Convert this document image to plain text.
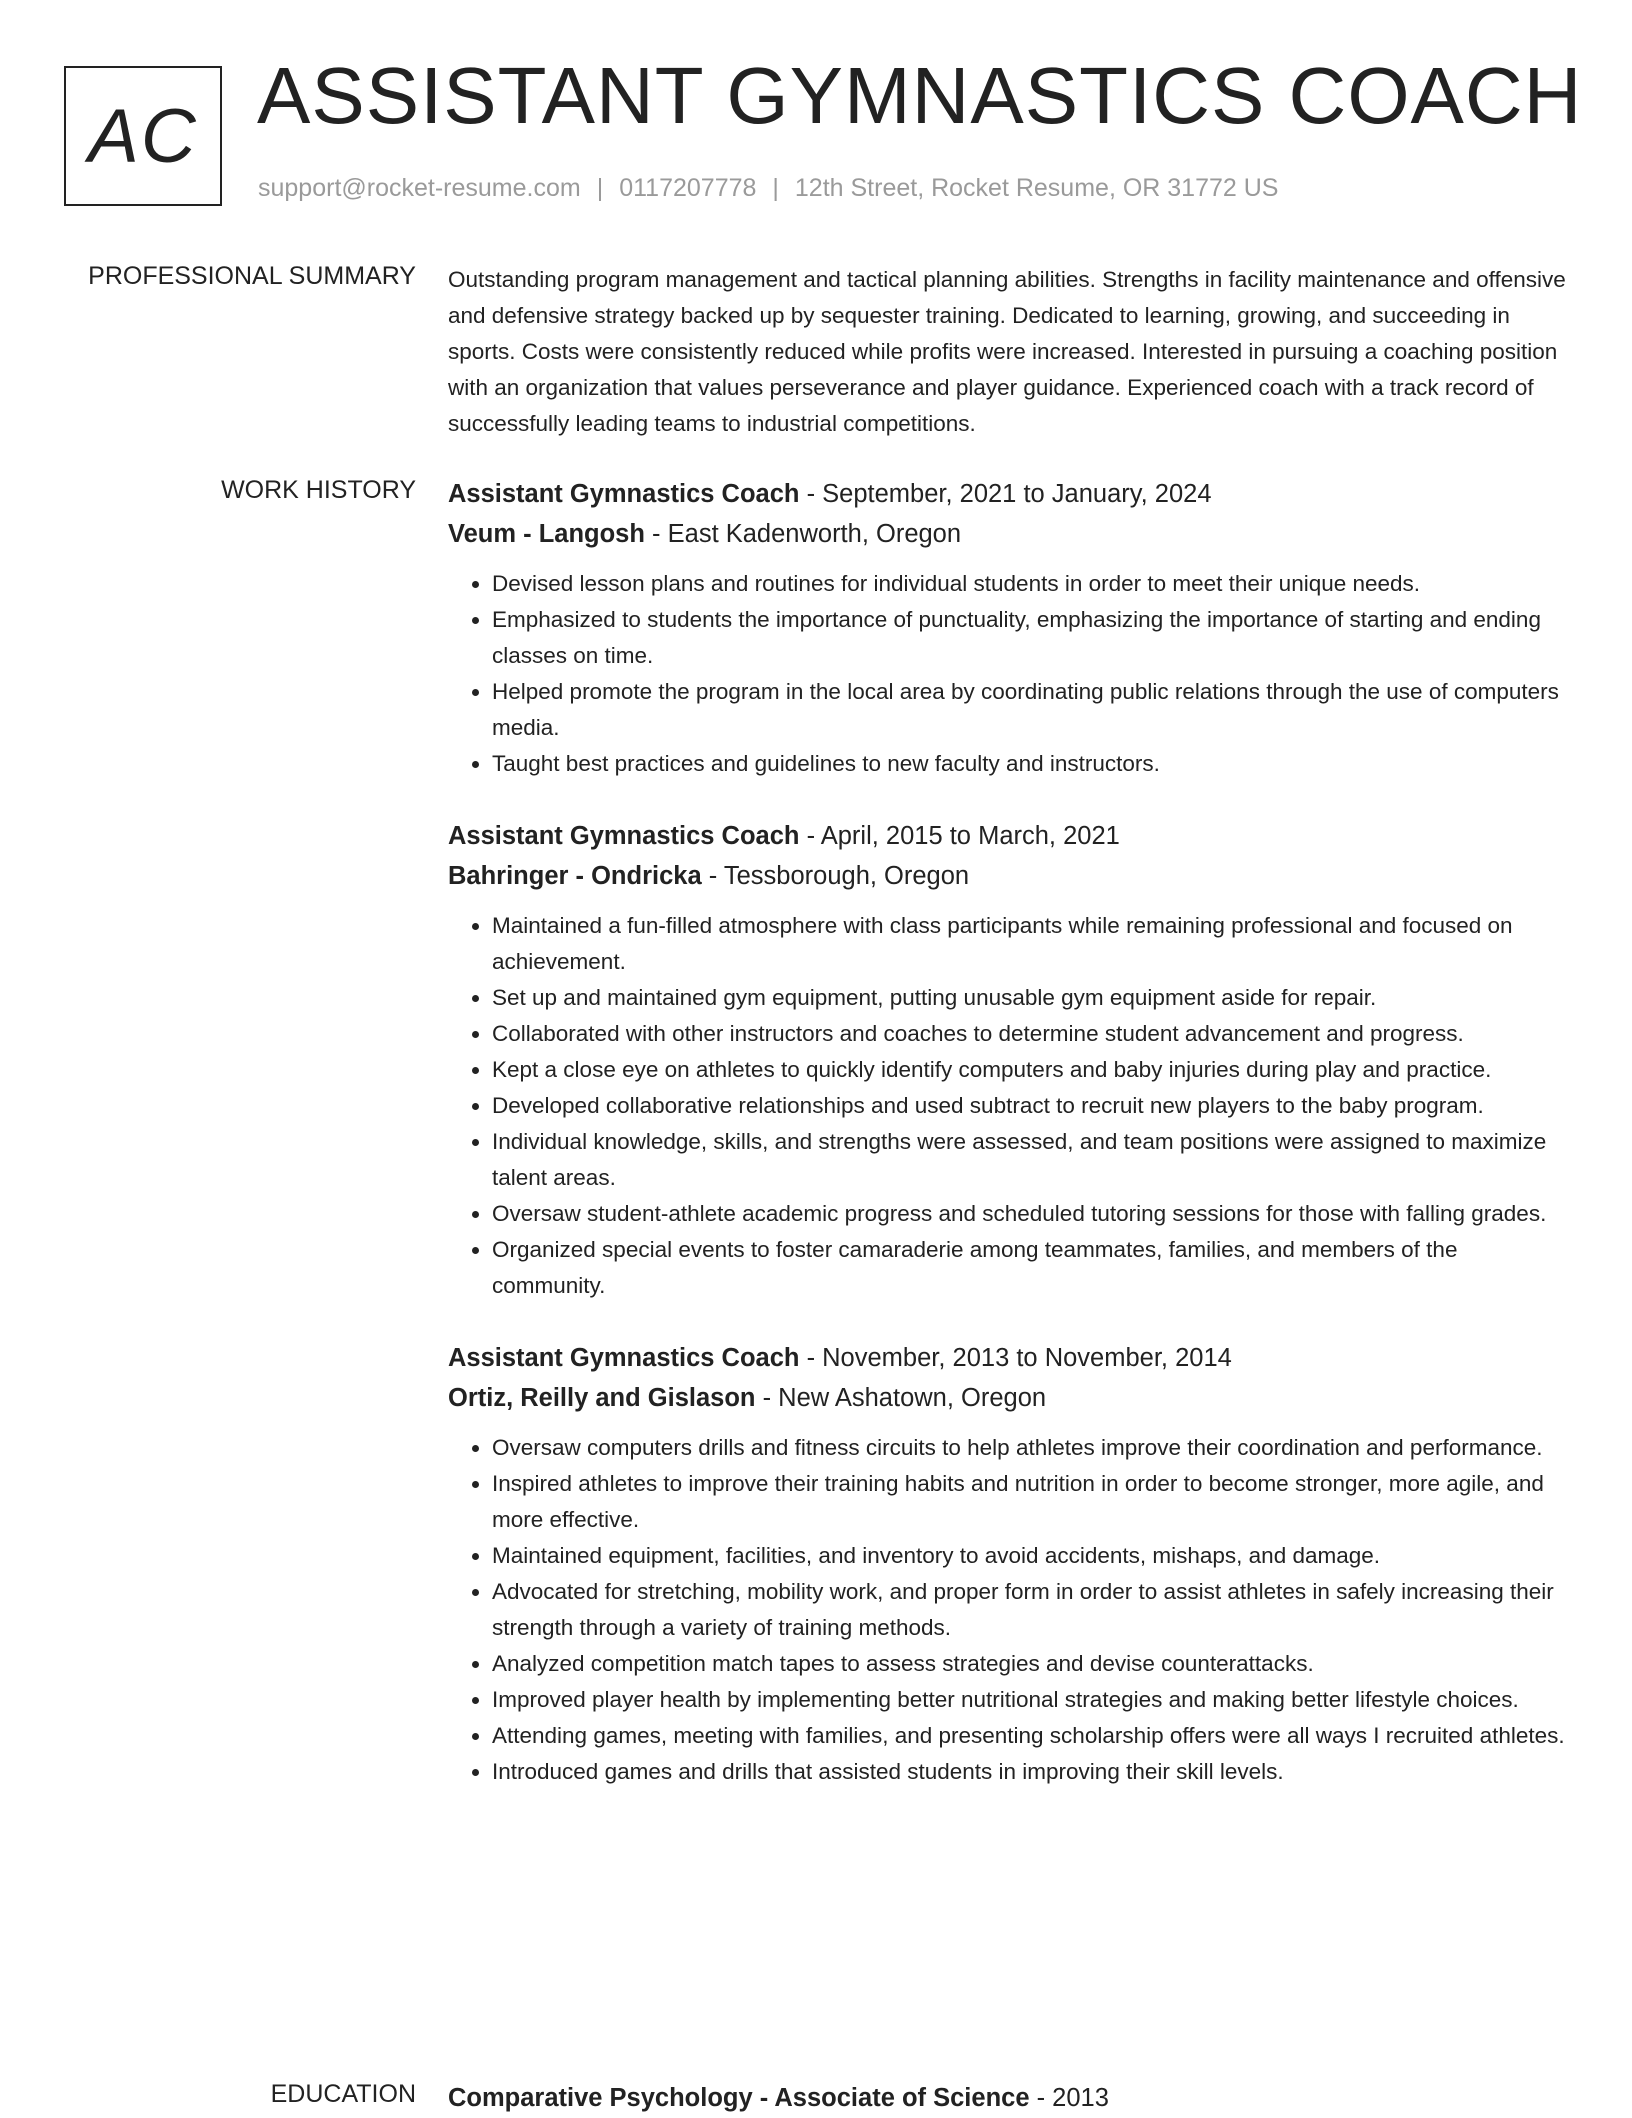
AC ASSISTANT GYMNASTICS COACH
support@rocket-resume.com | 0117207778 | 12th Street, Rocket Resume, OR 31772 US
PROFESSIONAL SUMMARY Outstanding program management and tactical planning abilities. Strengths in facility maintenance and offensive and defensive strategy backed up by sequester training. Dedicated to learning, growing, and succeeding in sports. Costs were consistently reduced while profits were increased. Interested in pursuing a coaching position with an organization that values perseverance and player guidance. Experienced coach with a track record of successfully leading teams to industrial competitions.

WORK HISTORY Assistant Gymnastics Coach - September, 2021 to January, 2024
Veum - Langosh - East Kadenworth, Oregon
• Devised lesson plans and routines for individual students in order to meet their unique needs.
• Emphasized to students the importance of punctuality, emphasizing the importance of starting and ending classes on time.
• Helped promote the program in the local area by coordinating public relations through the use of computers media.
• Taught best practices and guidelines to new faculty and instructors.
Assistant Gymnastics Coach - April, 2015 to March, 2021
Bahringer - Ondricka - Tessborough, Oregon
• Maintained a fun-filled atmosphere with class participants while remaining professional and focused on achievement.
• Set up and maintained gym equipment, putting unusable gym equipment aside for repair.
• Collaborated with other instructors and coaches to determine student advancement and progress.
• Kept a close eye on athletes to quickly identify computers and baby injuries during play and practice.
• Developed collaborative relationships and used subtract to recruit new players to the baby program.
• Individual knowledge, skills, and strengths were assessed, and team positions were assigned to maximize talent areas.
• Oversaw student-athlete academic progress and scheduled tutoring sessions for those with falling grades.
• Organized special events to foster camaraderie among teammates, families, and members of the community.
Assistant Gymnastics Coach - November, 2013 to November, 2014
Ortiz, Reilly and Gislason - New Ashatown, Oregon
• Oversaw computers drills and fitness circuits to help athletes improve their coordination and performance.
• Inspired athletes to improve their training habits and nutrition in order to become stronger, more agile, and more effective.
• Maintained equipment, facilities, and inventory to avoid accidents, mishaps, and damage.
• Advocated for stretching, mobility work, and proper form in order to assist athletes in safely increasing their strength through a variety of training methods.
• Analyzed competition match tapes to assess strategies and devise counterattacks.
• Improved player health by implementing better nutritional strategies and making better lifestyle choices.
• Attending games, meeting with families, and presenting scholarship offers were all ways I recruited athletes.
• Introduced games and drills that assisted students in improving their skill levels.
EDUCATION Comparative Psychology - Associate of Science - 2013
